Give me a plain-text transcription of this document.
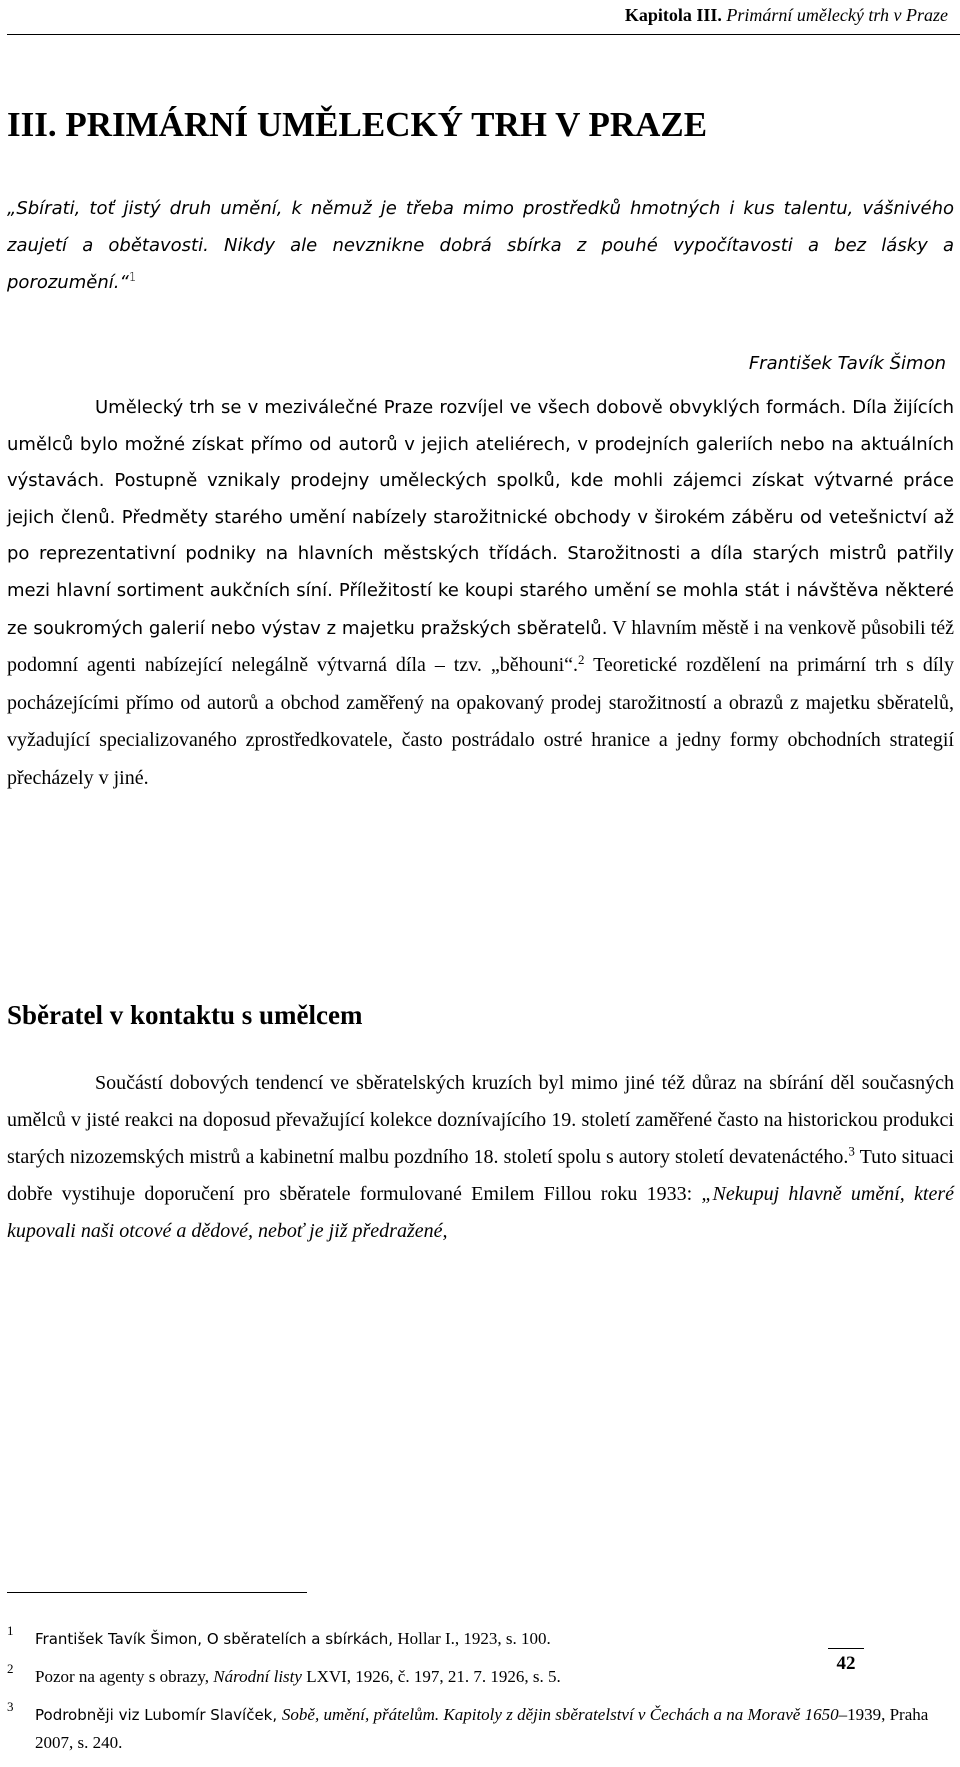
Kapitola III. Primární umělecký trh v Praze
III. PRIMÁRNÍ UMĚLECKÝ TRH V PRAZE

„Sbírati, toť jistý druh umění, k němuž je třeba mimo prostředků hmotných i kus talentu, vášnivého zaujetí a obětavosti. Nikdy ale nevznikne dobrá sbírka z pouhé vypočítavosti a bez lásky a porozumění.“$^1$

František Tavík Šimon

Umělecký trh se v meziválečné Praze rozvíjel ve všech dobově obvyklých formách. Díla žijících umělců bylo možné získat přímo od autorů v jejich ateliérech, v prodejních galeriích nebo na aktuálních výstavách. Postupně vznikaly prodejny uměleckých spolků, kde mohli zájemci získat výtvarné práce jejich členů. Předměty starého umění nabízely starožitnické obchody v širokém záběru od vetešnictví až po reprezentativní podniky na hlavních městských třídách. Starožitnosti a díla starých mistrů patřily mezi hlavní sortiment aukčních síní. Příležitostí ke koupi starého umění se mohla stát i návštěva některé ze soukromých galerií nebo výstav z majetku pražských sběratelů. V hlavním městě i na venkově působili též podomní agenti nabízející nelegálně výtvarná díla – tzv. „běhouni“.$^2$ Teoretické rozdělení na primární trh s díly pocházejícími přímo od autorů a obchod zaměřený na opakovaný prodej starožitností a obrazů z majetku sběratelů, vyžadující specializovaného zprostředkovatele, často postrádalo ostré hranice a jedny formy obchodních strategií přecházely v jiné.

Sběratel v kontaktu s umělcem

Součástí dobových tendencí ve sběratelských kruzích byl mimo jiné též důraz na sbírání děl současných umělců v jisté reakci na doposud převažující kolekce doznívajícího 19. století zaměřené často na historickou produkci starých nizozemských mistrů a kabinetní malbu pozdního 18. století spolu s autory století devatenáctého.$^3$ Tuto situaci dobře vystihuje doporučení pro sběratele formulované Emilem Fillou roku 1933: „Nekupuj hlavně umění, které kupovali naši otcové a dědové, neboť je již předražené,

1 František Tavík Šimon, O sběratelích a sbírkách, Hollar I., 1923, s. 100.

2 Pozor na agenty s obrazy, Národní listy LXVI, 1926, č. 197, 21. 7. 1926, s. 5.

3 Podrobněji viz Lubomír Slavíček, Sobě, umění, přátelům. Kapitoly z dějin sběratelství v Čechách a na Moravě 1650–1939, Praha 2007, s. 240.

42
